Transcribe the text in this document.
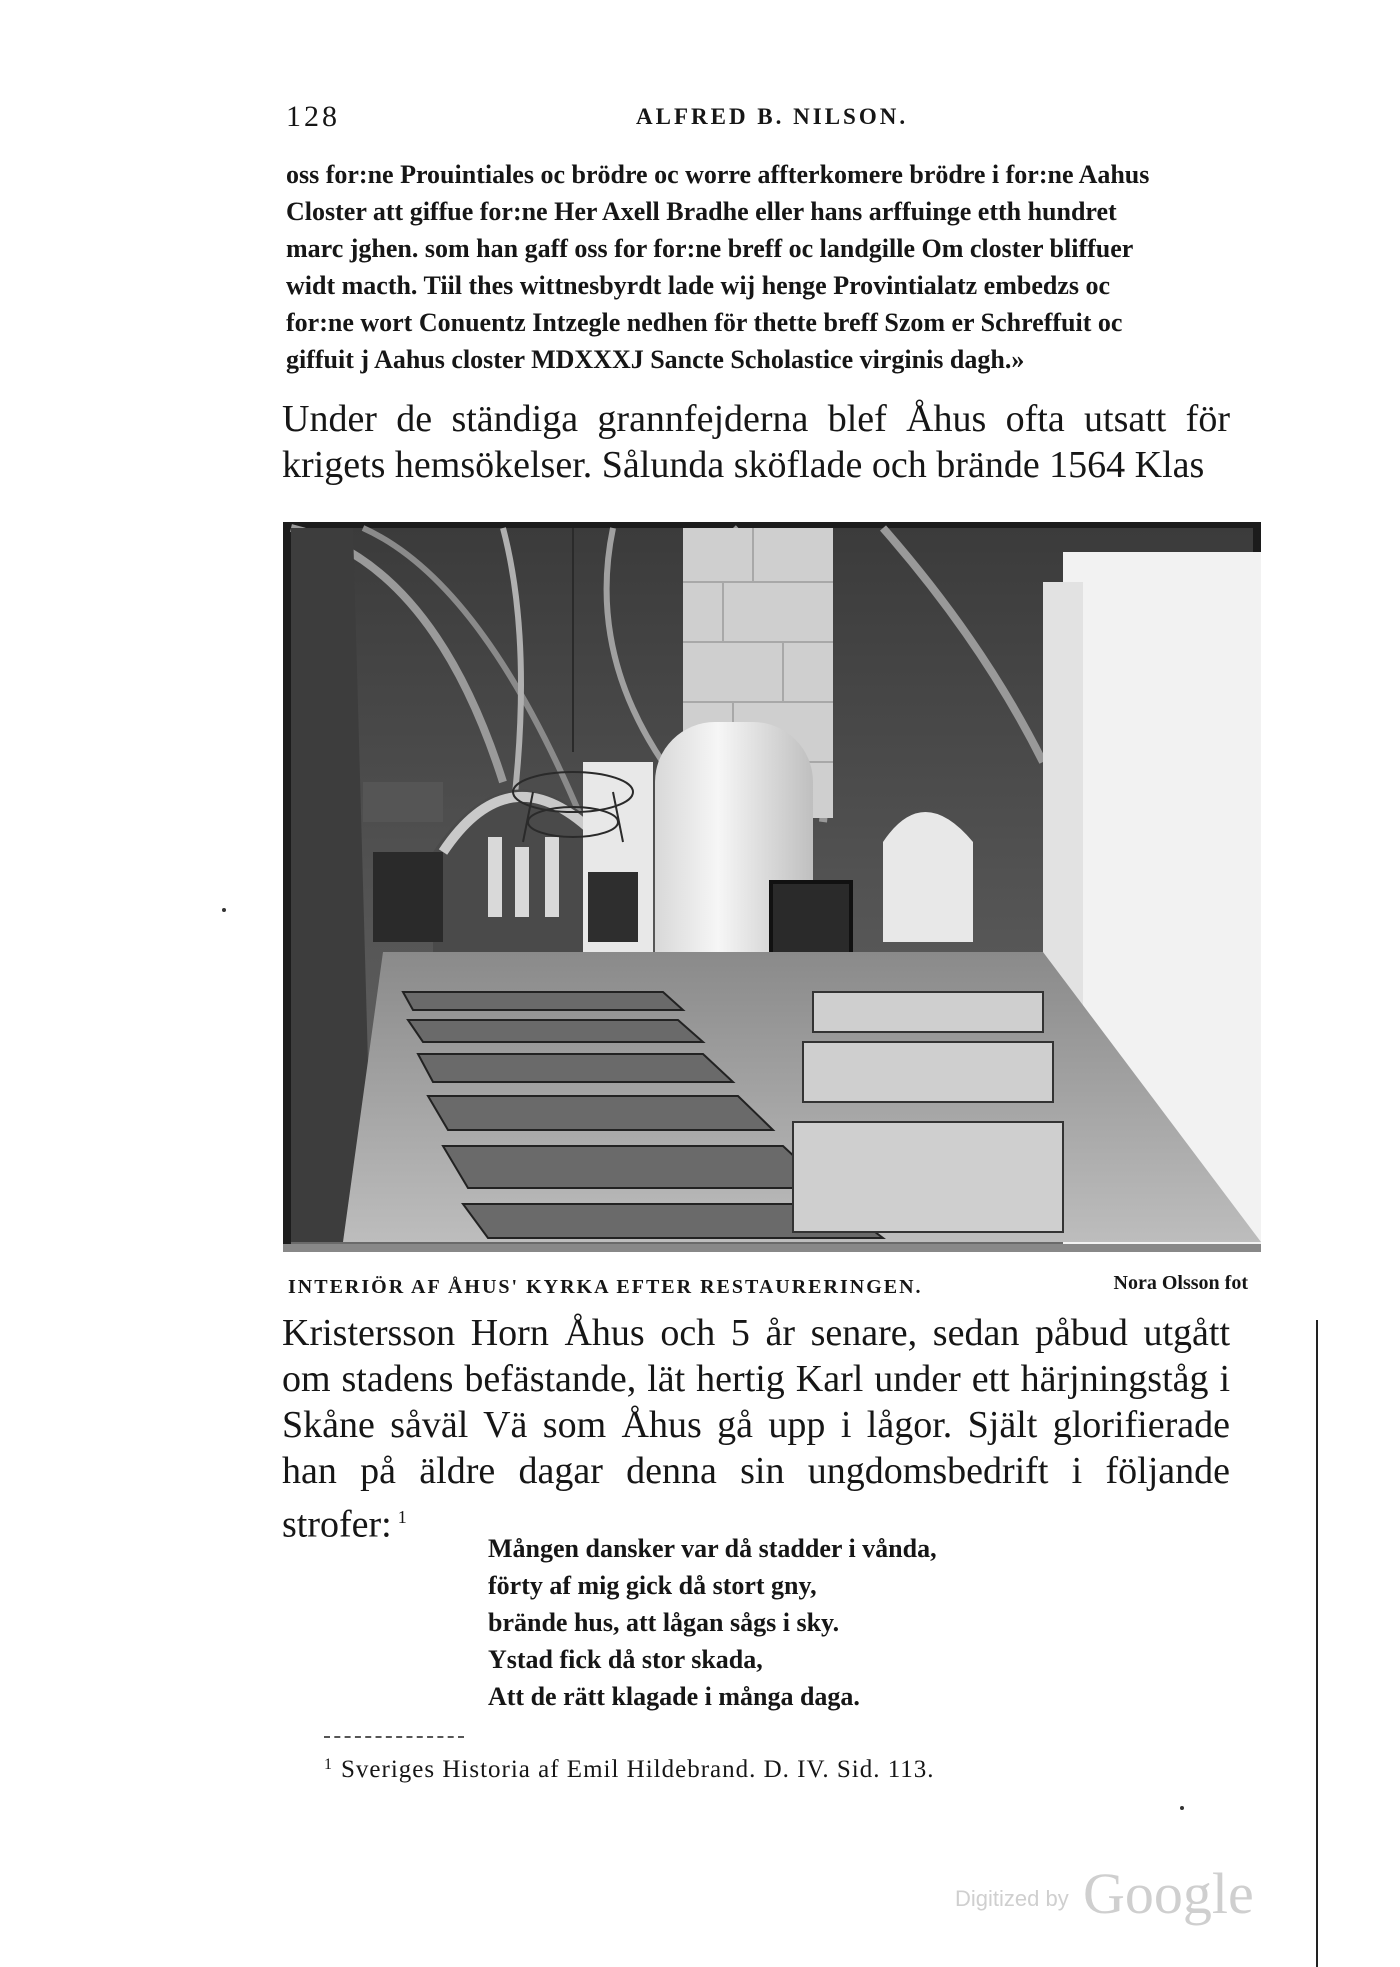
128	ALFRED B. NILSON.

oss for:ne Prouintiales oc brödre oc worre affterkomere brödre i for:ne Aahus

Closter att giffue for:ne Her Axell Bradhe eller hans arffuinge etth hundret

marc jghen. som han gaff oss for for:ne breff oc landgille Om closter bliffuer

widt macth. Tiil thes wittnesbyrdt lade wij henge Provintialatz embedzs oc

for:ne wort Conuentz Intzegle nedhen för thette breff Szom er Schreffuit oc

giffuit j Aahus closter MDXXXJ Sancte Scholastice virginis dagh.»

Under de ständiga grannfejderna blef Åhus ofta utsatt för krigets hemsökelser. Sålunda sköflade och brände 1564 Klas

INTERIÖR AF ÅHUS' KYRKA EFTER RESTAURERINGEN.	Nora Olsson fot

Kristersson Horn Åhus och 5 år senare, sedan påbud utgått om stadens befästande, lät hertig Karl under ett härjningståg i Skåne såväl Vä som Åhus gå upp i lågor. Själt glorifierade han på äldre dagar denna sin ungdomsbedrift i följande strofer: $^1$

Mången dansker var då stadder i vånda,
förty af mig gick då stort gny,
brände hus, att lågan sågs i sky.
Ystad fick då stor skada,
Att de rätt klagade i många daga.
$^1$ Sveriges Historia af Emil Hildebrand. D. IV. Sid. 113.
Digitized by Google
